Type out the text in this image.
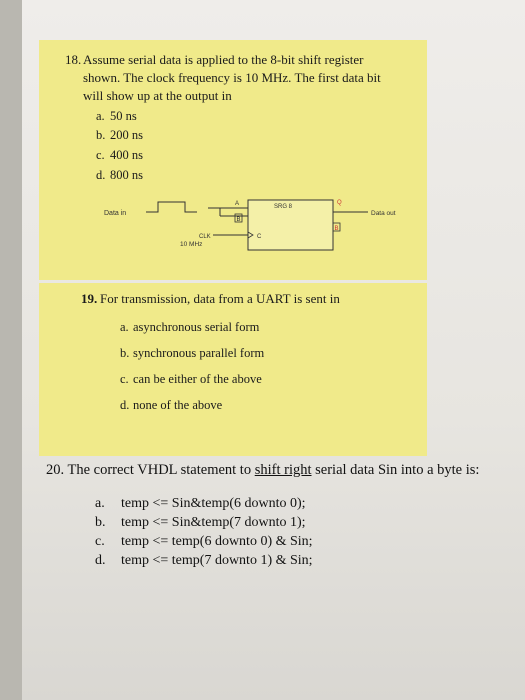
18. Assume serial data is applied to the 8-bit shift register
shown. The clock frequency is 10 MHz. The first data bit
will show up at the output in
a. 50 ns
b. 200 ns
c. 400 ns
d. 800 ns
Data in
A
B
SRG 8
C
CLK
10 MHz
Q
B
Data out
19. For transmission, data from a UART is sent in
a. asynchronous serial form
b. synchronous parallel form
c. can be either of the above
d. none of the above
20. The correct VHDL statement to shift right serial data Sin into a byte is:
a. temp <= Sin&temp(6 downto 0);
b. temp <= Sin&temp(7 downto 1);
c. temp <= temp(6 downto 0) & Sin;
d. temp <= temp(7 downto 1) & Sin;
